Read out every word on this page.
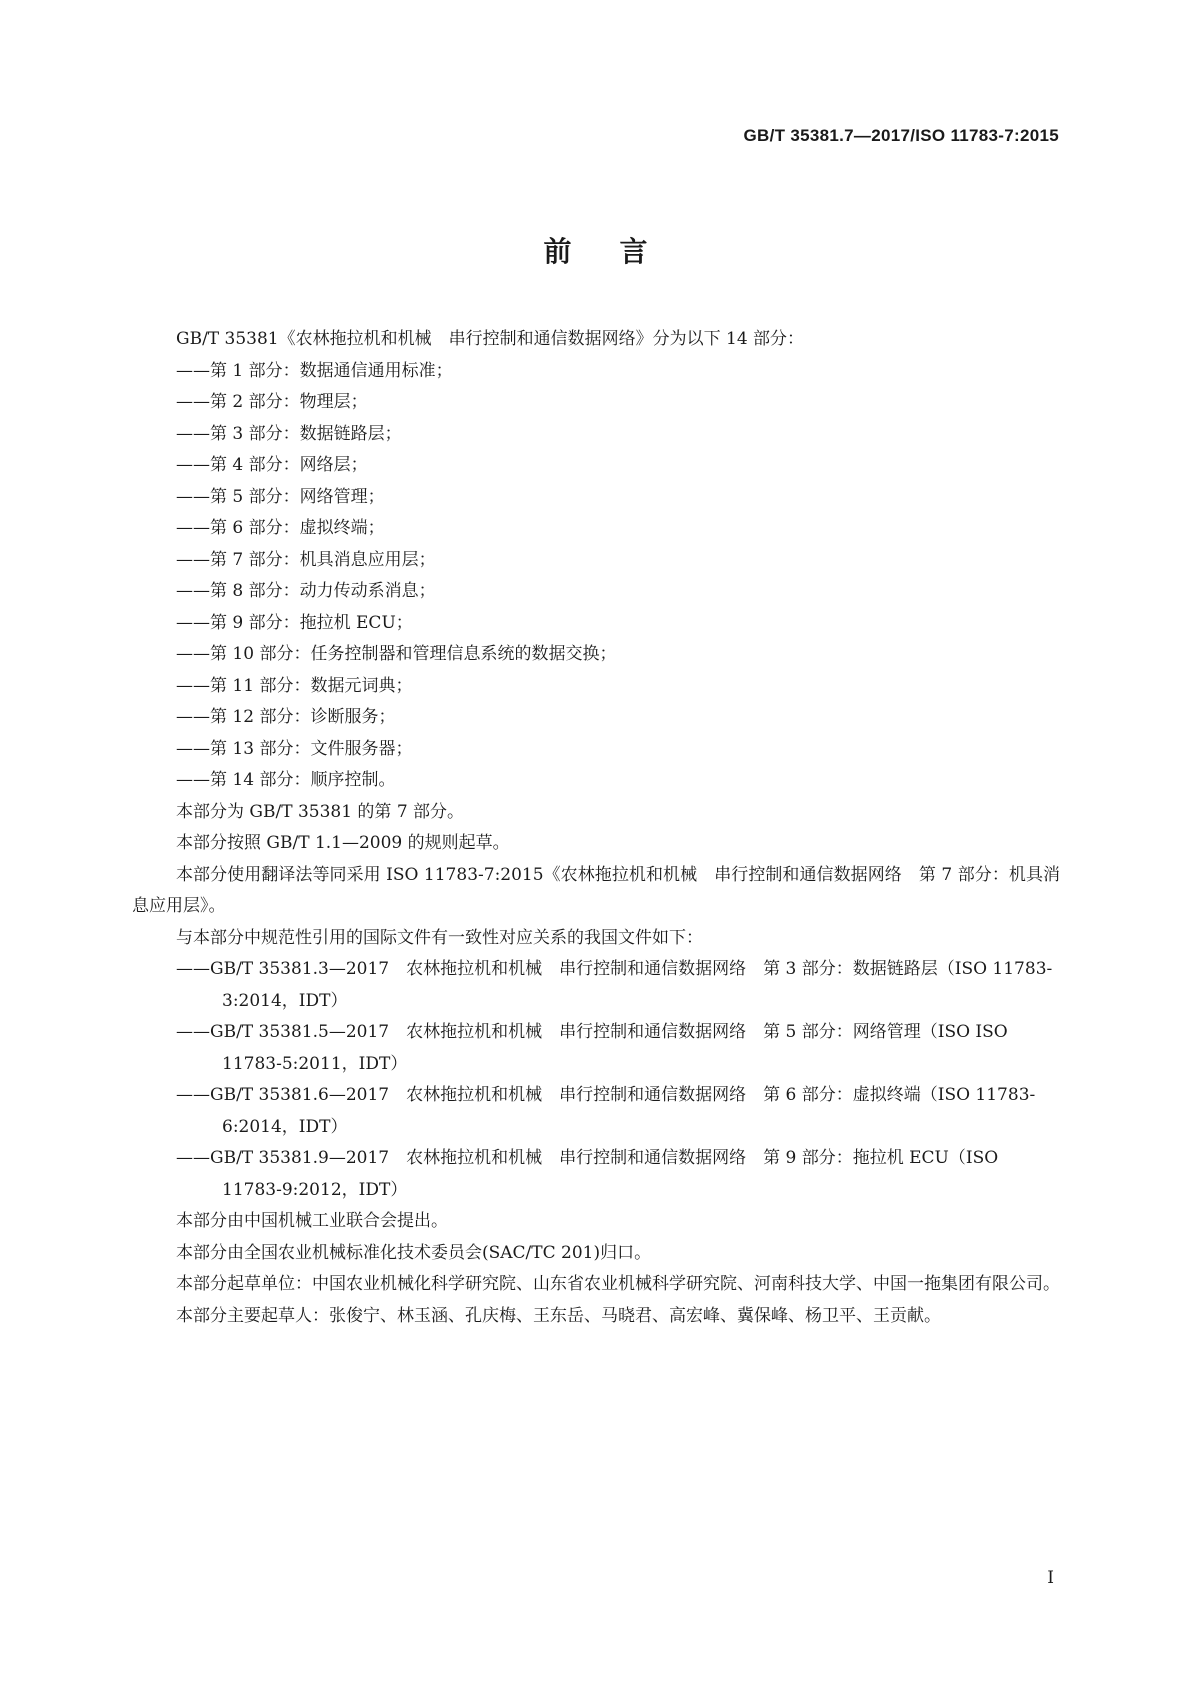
GB/T 35381.7—2017/ISO 11783-7:2015
前言

GB/T 35381《农林拖拉机和机械　串行控制和通信数据网络》分为以下 14 部分：

——第 1 部分：数据通信通用标准；

——第 2 部分：物理层；

——第 3 部分：数据链路层；

——第 4 部分：网络层；

——第 5 部分：网络管理；

——第 6 部分：虚拟终端；

——第 7 部分：机具消息应用层；

——第 8 部分：动力传动系消息；

——第 9 部分：拖拉机 ECU；

——第 10 部分：任务控制器和管理信息系统的数据交换；

——第 11 部分：数据元词典；

——第 12 部分：诊断服务；

——第 13 部分：文件服务器；

——第 14 部分：顺序控制。

本部分为 GB/T 35381 的第 7 部分。

本部分按照 GB/T 1.1—2009 的规则起草。

本部分使用翻译法等同采用 ISO 11783-7:2015《农林拖拉机和机械　串行控制和通信数据网络　第 7 部分：机具消息应用层》。

与本部分中规范性引用的国际文件有一致性对应关系的我国文件如下：

——GB/T 35381.3—2017　农林拖拉机和机械　串行控制和通信数据网络　第 3 部分：数据链路层（ISO 11783-3:2014，IDT）

——GB/T 35381.5—2017　农林拖拉机和机械　串行控制和通信数据网络　第 5 部分：网络管理（ISO ISO 11783-5:2011，IDT）

——GB/T 35381.6—2017　农林拖拉机和机械　串行控制和通信数据网络　第 6 部分：虚拟终端（ISO 11783-6:2014，IDT）

——GB/T 35381.9—2017　农林拖拉机和机械　串行控制和通信数据网络　第 9 部分：拖拉机 ECU（ISO 11783-9:2012，IDT）

本部分由中国机械工业联合会提出。

本部分由全国农业机械标准化技术委员会(SAC/TC 201)归口。

本部分起草单位：中国农业机械化科学研究院、山东省农业机械科学研究院、河南科技大学、中国一拖集团有限公司。

本部分主要起草人：张俊宁、林玉涵、孔庆梅、王东岳、马晓君、高宏峰、冀保峰、杨卫平、王贡献。

I
